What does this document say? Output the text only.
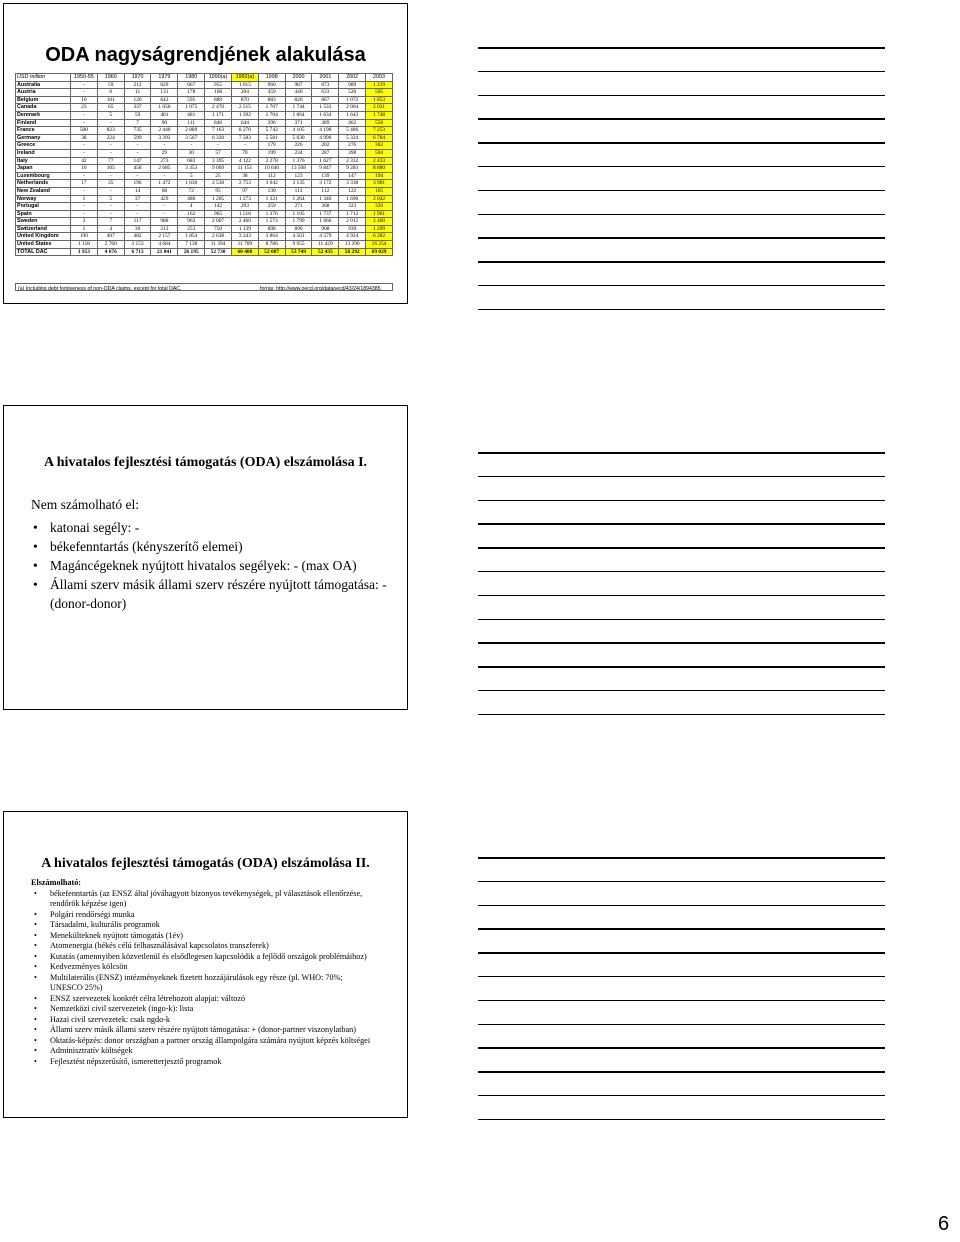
ODA nagyságrendjének alakulása
USD million	1950-55	1960	1970	1979	1980	1990(a)	1992(a)	1998	2000	2001	2002	2003
Australia	-	59	212	629	667	955	1 015	960	987	873	989	1 219
Austria	-	0	11	131	178	168	204	459	440	633	520	505
Belgium	10	101	120	643	595	889	870	883	820	867	1 072	1 853
Canada	23	65	337	1 056	1 075	2 470	2 515	1 707	1 744	1 533	2 004	2 031
Denmark	-	5	59	461	481	1 171	1 392	1 704	1 664	1 634	1 643	1 748
Finland	-	-	7	90	111	846	644	396	371	389	462	558
France	500	823	735	2 440	2 889	7 163	8 270	5 742	4 105	4 198	5 486	7 253
Germany	38	224	599	3 393	3 567	6 320	7 583	5 581	5 030	4 990	5 324	6 784
Greece	-	-	-	-	-	-	-	179	226	202	276	362
Ireland	-	-	-	29	30	57	70	199	234	287	398	504
Italy	42	77	147	273	683	3 395	4 122	2 278	1 376	1 627	2 332	2 433
Japan	10	105	458	2 685	3 353	9 069	11 151	10 640	13 508	9 847	9 283	8 880
Luxembourg	-	-	-	-	5	25	38	112	123	139	147	194
Netherlands	17	35	196	1 472	1 630	2 538	2 753	3 042	3 135	3 172	3 338	3 981
New Zealand	-	-	14	68	72	95	97	130	113	112	122	165
Norway	1	5	37	429	486	1 205	1 273	1 321	1 264	1 346	1 696	2 042
Portugal	-	-	-	-	4	142	293	259	271	268	323	320
Spain	-	-	-	-	162	965	1 518	1 376	1 195	1 737	1 712	1 961
Sweden	3	7	117	988	962	2 007	2 460	1 573	1 799	1 666	2 012	2 400
Switzerland	1	4	30	213	253	750	1 139	898	890	908	939	1 299
United Kingdom	190	407	482	2 157	1 854	2 638	3 243	3 864	4 501	4 579	4 924	6 282
United States	1 118	2 760	3 153	4 684	7 138	11 394	11 709	8 786	9 955	11 429	13 290	16 254
TOTAL DAC	1 953	4 676	6 713	21 841	26 195	52 730	60 488	52 087	53 749	52 435	58 292	69 029
(a) Including debt forgiveness of non-ODA claims, except for total DAC.	forrás: http://www.oecd.org/dataoecd/43/24/1894385.
A hivatalos fejlesztési támogatás (ODA) elszámolása I.
Nem számolható el:
• katonai segély: -
• békefenntartás (kényszerítő elemei)
• Magáncégeknek nyújtott hivatalos segélyek: - (max OA)
• Állami szerv másik állami szerv részére nyújtott támogatása: - (donor-donor)
A hivatalos fejlesztési támogatás (ODA) elszámolása II.
Elszámolható:
• békefenntartás (az ENSZ által jóváhagyott bizonyos tevékenységek, pl választások ellenőrzése, rendőrök képzése igen)
• Polgári rendőrségi munka
• Társadalmi, kulturális programok
• Menekülteknek nyújtott támogatás (1év)
• Atomenergia (békés célú felhasználásával kapcsolatos transzferek)
• Kutatás (amennyiben közvetlenül és elsődlegesen kapcsolódik a fejlődő országok problémáihoz)
• Kedvezményes kölcsön
• Multilaterális (ENSZ) intézményeknek fizetett hozzájárulások egy része (pl. WHO: 70%; UNESCO 25%)
• ENSZ szervezetek konkrét célra létrehozott alapjai: változó
• Nemzetközi civil szervezetek (ingo-k): lista
• Hazai civil szervezetek: csak ngdo-k
• Állami szerv másik állami szerv részére nyújtott támogatása: + (donor-partner viszonylatban)
• Oktatás-képzés: donor országban a partner ország állampolgára számára nyújtott képzés költségei
• Adminisztratív költségek
• Fejlesztést népszerűsítő, ismeretterjesztő programok
6
